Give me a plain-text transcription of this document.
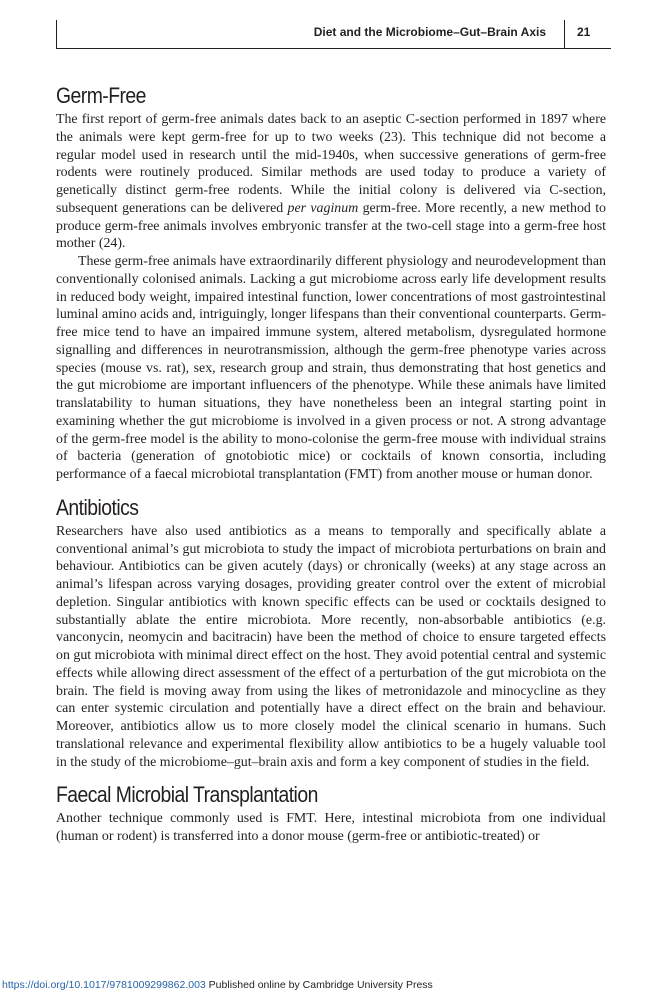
Diet and the Microbiome–Gut–Brain Axis	21
Germ-Free

The first report of germ-free animals dates back to an aseptic C-section performed in 1897 where the animals were kept germ-free for up to two weeks (23). This technique did not become a regular model used in research until the mid-1940s, when successive generations of germ-free rodents were routinely produced. Similar methods are used today to produce a variety of genetically distinct germ-free rodents. While the initial colony is delivered via C-section, subsequent generations can be delivered per vaginum germ-free. More recently, a new method to produce germ-free animals involves embryonic transfer at the two-cell stage into a germ-free host mother (24).

These germ-free animals have extraordinarily different physiology and neurodevelopment than conventionally colonised animals. Lacking a gut microbiome across early life development results in reduced body weight, impaired intestinal function, lower concentrations of most gastrointestinal luminal amino acids and, intriguingly, longer lifespans than their conventional counterparts. Germ-free mice tend to have an impaired immune system, altered metabolism, dysregulated hormone signalling and differences in neurotransmission, although the germ-free phenotype varies across species (mouse vs. rat), sex, research group and strain, thus demonstrating that host genetics and the gut microbiome are important influencers of the phenotype. While these animals have limited translatability to human situations, they have nonetheless been an integral starting point in examining whether the gut microbiome is involved in a given process or not. A strong advantage of the germ-free model is the ability to mono-colonise the germ-free mouse with individual strains of bacteria (generation of gnotobiotic mice) or cocktails of known consortia, including performance of a faecal microbiotal transplantation (FMT) from another mouse or human donor.

Antibiotics

Researchers have also used antibiotics as a means to temporally and specifically ablate a conventional animal’s gut microbiota to study the impact of microbiota perturbations on brain and behaviour. Antibiotics can be given acutely (days) or chronically (weeks) at any stage across an animal’s lifespan across varying dosages, providing greater control over the extent of microbial depletion. Singular antibiotics with known specific effects can be used or cocktails designed to substantially ablate the entire microbiota. More recently, non-absorbable antibiotics (e.g. vanconycin, neomycin and bacitracin) have been the method of choice to ensure targeted effects on gut microbiota with minimal direct effect on the host. They avoid potential central and systemic effects while allowing direct assessment of the effect of a perturbation of the gut microbiota on the brain. The field is moving away from using the likes of metronidazole and minocycline as they can enter systemic circulation and potentially have a direct effect on the brain and behaviour. Moreover, antibiotics allow us to more closely model the clinical scenario in humans. Such translational relevance and experimental flexibility allow antibiotics to be a hugely valuable tool in the study of the microbiome–gut–brain axis and form a key component of studies in the field.

Faecal Microbial Transplantation

Another technique commonly used is FMT. Here, intestinal microbiota from one individual (human or rodent) is transferred into a donor mouse (germ-free or antibiotic-treated) or

https://doi.org/10.1017/9781009299862.003 Published online by Cambridge University Press
